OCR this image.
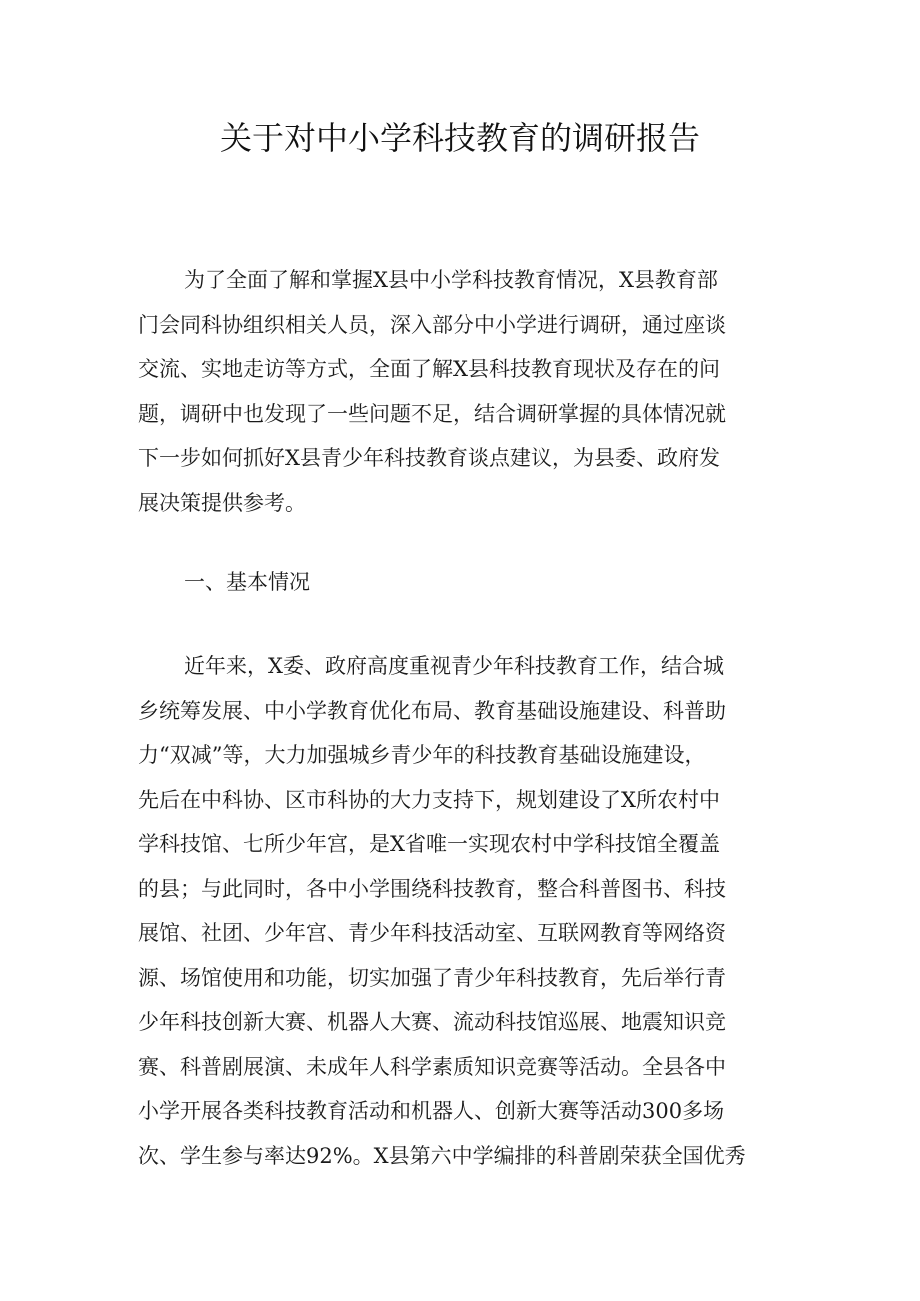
关于对中小学科技教育的调研报告
为了全面了解和掌握X县中小学科技教育情况，X县教育部
门会同科协组织相关人员，深入部分中小学进行调研，通过座谈
交流、实地走访等方式，全面了解X县科技教育现状及存在的问
题，调研中也发现了一些问题不足，结合调研掌握的具体情况就
下一步如何抓好X县青少年科技教育谈点建议，为县委、政府发
展决策提供参考。
一、基本情况
近年来，X委、政府高度重视青少年科技教育工作，结合城
乡统筹发展、中小学教育优化布局、教育基础设施建设、科普助
力“双减”等，大力加强城乡青少年的科技教育基础设施建设，
先后在中科协、区市科协的大力支持下，规划建设了X所农村中
学科技馆、七所少年宫，是X省唯一实现农村中学科技馆全覆盖
的县；与此同时，各中小学围绕科技教育，整合科普图书、科技
展馆、社团、少年宫、青少年科技活动室、互联网教育等网络资
源、场馆使用和功能，切实加强了青少年科技教育，先后举行青
少年科技创新大赛、机器人大赛、流动科技馆巡展、地震知识竞
赛、科普剧展演、未成年人科学素质知识竞赛等活动。全县各中
小学开展各类科技教育活动和机器人、创新大赛等活动300多场
次、学生参与率达92%。X县第六中学编排的科普剧荣获全国优秀
